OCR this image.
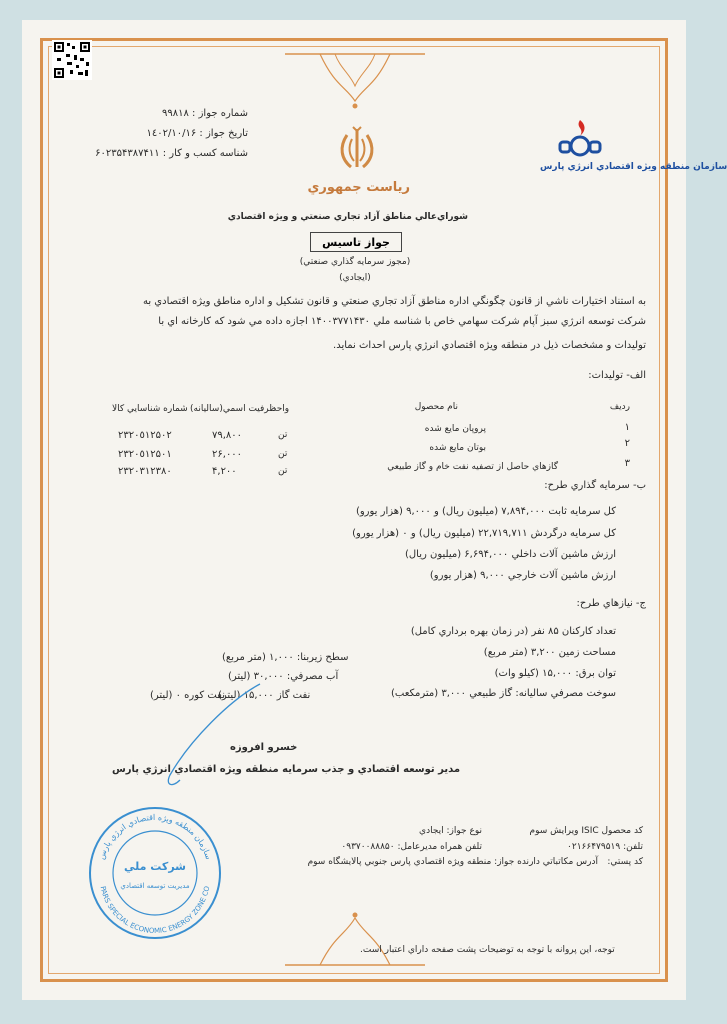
شماره جواز : ٩٩٨١٨
تاريخ جواز : ١٤٠٢/١٠/١۶
شناسه كسب و كار : ۶٠٢٣۵۴٣٨٧۴١١
رياست جمهوري
سازمان منطقه ويژه اقتصادي انرژي پارس
شوراي‌عالي مناطق آزاد تجاري صنعتي و ويژه اقتصادي
جواز تاسيس
(مجوز سرمايه گذاري صنعتي)
(ايجادي)
به استناد اختيارات ناشي از قانون چگونگي اداره مناطق آزاد تجاري صنعتي و قانون تشكيل و اداره مناطق ويژه اقتصادي به
شركت توسعه انرژي سبز آپام شركت سهامي خاص با شناسه ملي ١۴٠٠٣٧٧١۴٣٠ اجازه داده مي شود كه كارخانه اي با
توليدات و مشخصات ذيل در منطقه ويژه اقتصادي انرژي پارس احداث نمايد.
الف- توليدات:
رديف
نام محصول
واحد
ظرفيت اسمي(سالیانه)
شماره شناسايي كالا
١
پروپان مايع شده
تن
٧٩,٨٠٠
٢٣٢٠٥١٢۵٠٢
٢
بوتان مايع شده
تن
٢۶,٠٠٠
٢٣٢٠٥١٢۵٠١
٣
گازهاي حاصل از تصفيه نفت خام و گاز طبيعي
تن
۴,٢٠٠
٢٣٢٠٣١٢٣٨٠
ب- سرمايه گذاري طرح:
كل سرمايه ثابت ٧,٨٩۴,٠٠٠ (ميليون ريال) و ٩,٠٠٠ (هزار يورو)
كل سرمايه درگردش ٢٢,٧١٩,٧١١ (ميليون ريال) و ٠ (هزار يورو)
ارزش ماشين آلات داخلي ۶,۶٩۴,٠٠٠ (ميليون ريال)
ارزش ماشين آلات خارجي ٩,٠٠٠ (هزار يورو)
ج- نيازهاي طرح:
تعداد كاركنان ٨۵ نفر (در زمان بهره برداري كامل)
مساحت زمين ٣,٢٠٠ (متر مربع)
توان برق: ١۵,٠٠٠ (كيلو وات)
سوخت مصرفي ساليانه: گاز طبيعي ٣,٠٠٠ (مترمكعب)
سطح زيربنا: ١,٠٠٠ (متر مربع)
آب مصرفي: ٣٠,٠٠٠ (ليتر)
نفت گاز ١۵,٠٠٠ (ليتر)
نفت كوره ٠ (ليتر)
خسرو افروزه
مدير توسعه اقتصادي و جذب سرمايه منطقه ويژه اقتصادي انرژي پارس
كد محصول ISIC ويرايش سوم
نوع جواز: ايجادي
تلفن: ٠٢١۶۶۴٧٩۵١٩
تلفن همراه مديرعامل: ٠٩٣٧٠٠٨٨٨۵٠
كد پستي:
آدرس مكاتباتي دارنده جواز: منطقه ويژه اقتصادي پارس جنوبي پالايشگاه سوم
سازمان منطقه ويژه اقتصادي انرژي پارس
PARS SPECIAL ECONOMIC ENERGY ZONE CO
شركت ملي
مديريت توسعه اقتصادي
توجه، اين پروانه با توجه به توضيحات پشت صفحه داراي اعتبار است.
